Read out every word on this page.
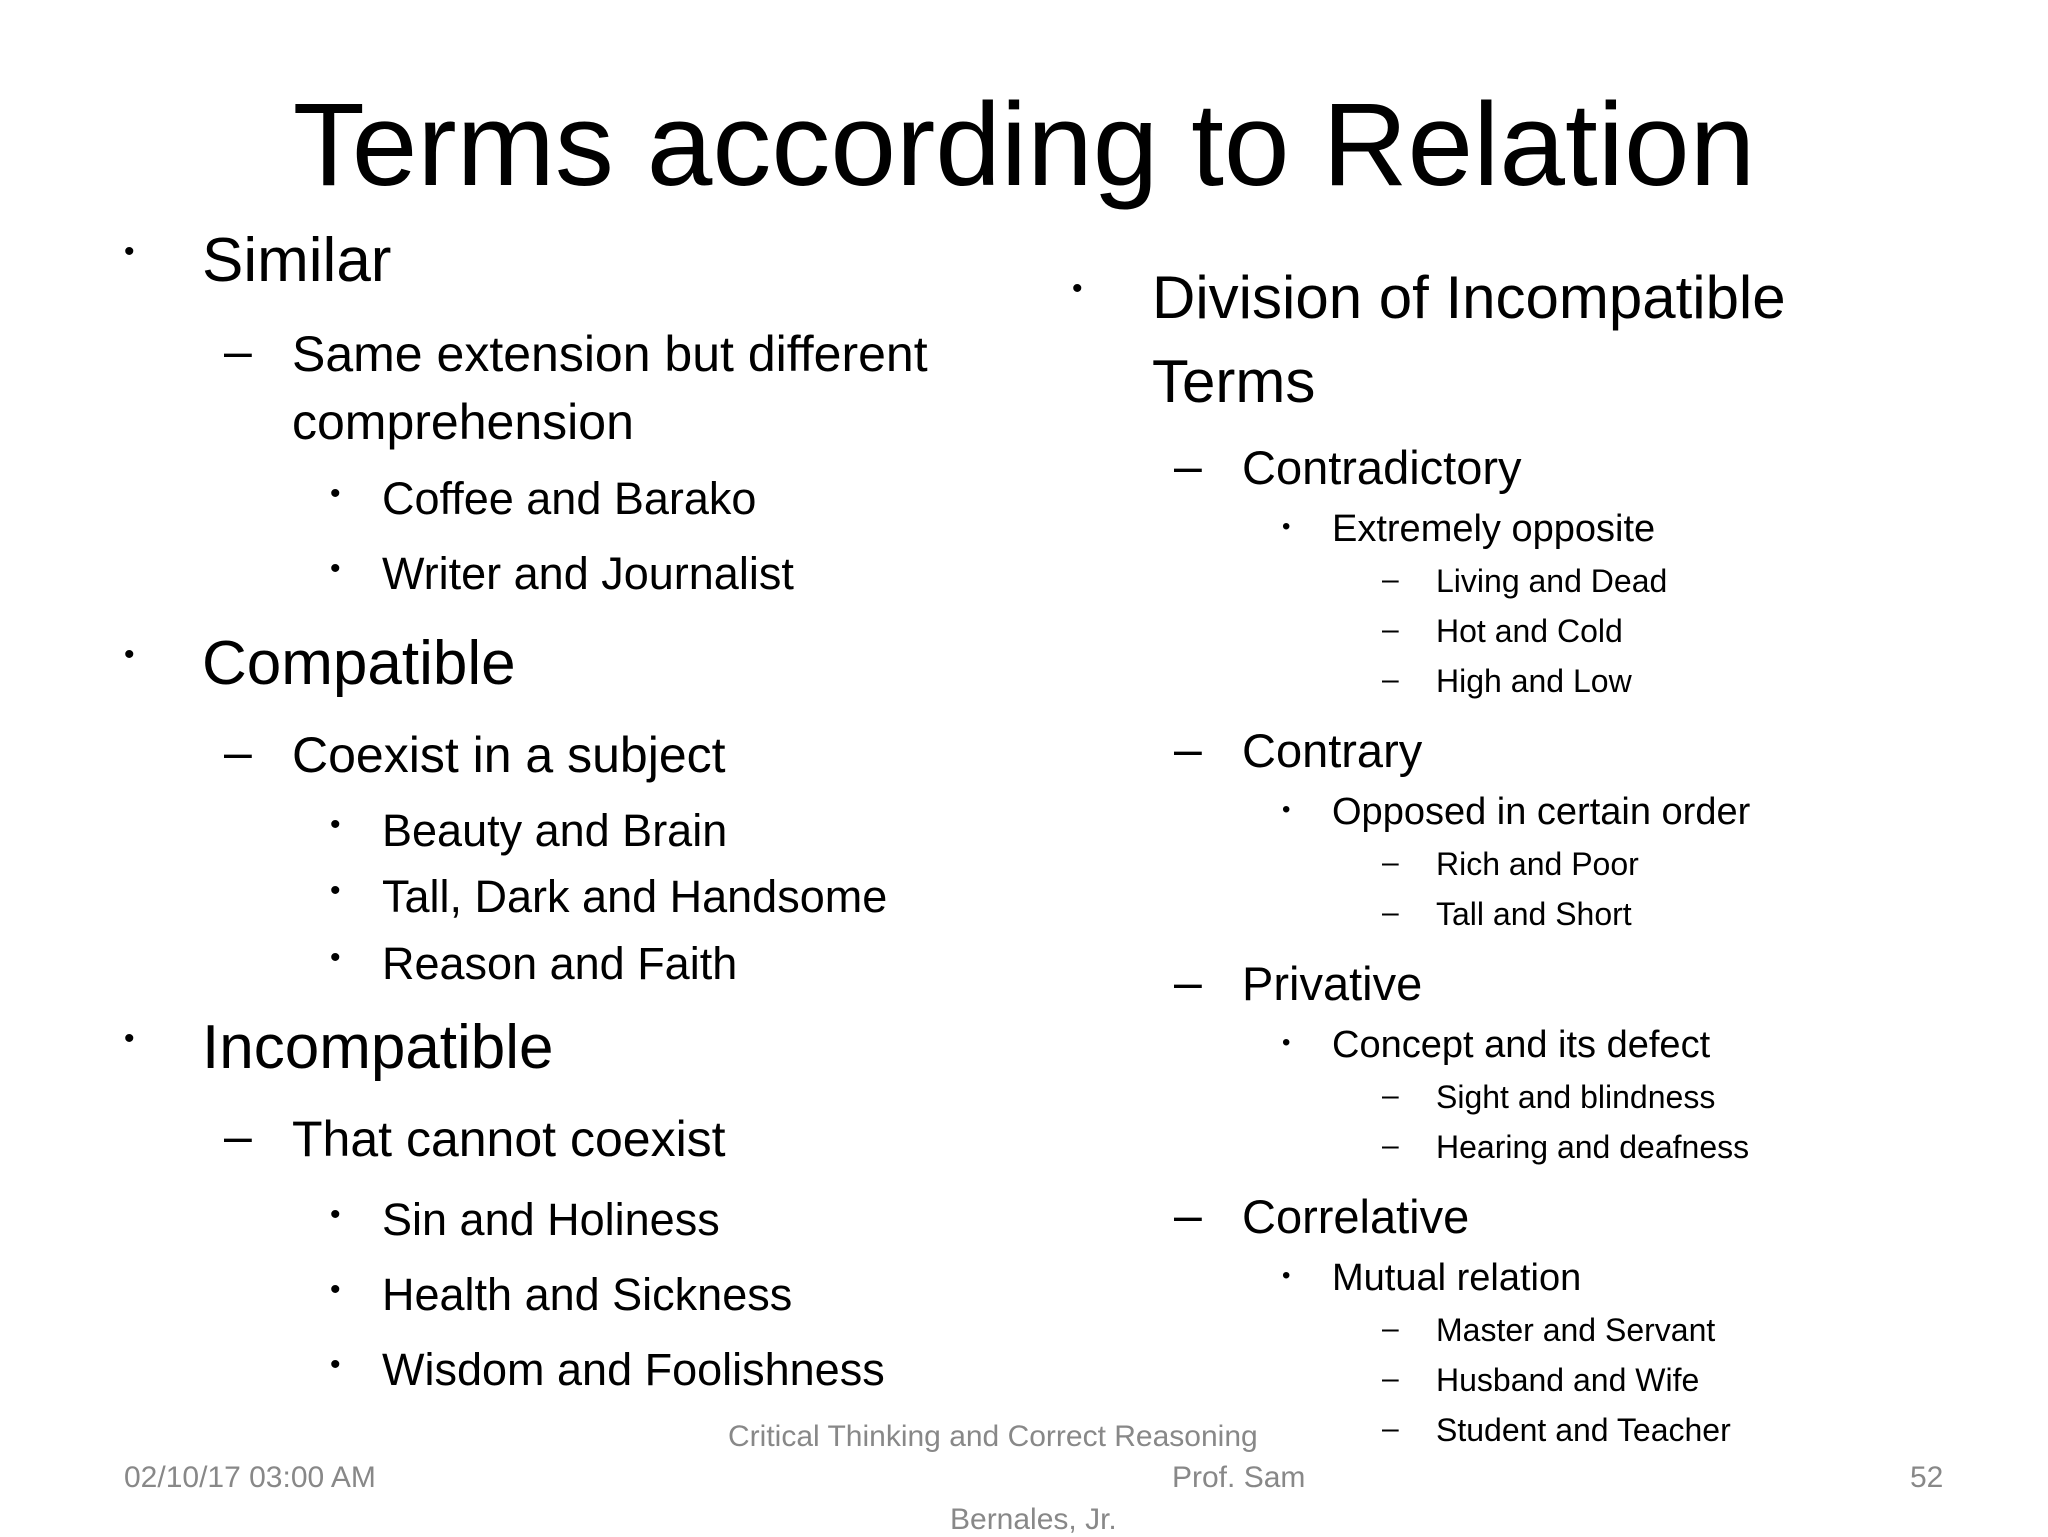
Terms according to Relation
• Similar
– Same extension but different
comprehension
• Coffee and Barako
• Writer and Journalist
• Compatible
– Coexist in a subject
• Beauty and Brain
• Tall, Dark and Handsome
• Reason and Faith
• Incompatible
– That cannot coexist
• Sin and Holiness
• Health and Sickness
• Wisdom and Foolishness
• Division of Incompatible
Terms
– Contradictory
• Extremely opposite
– Living and Dead
– Hot and Cold
– High and Low
– Contrary
• Opposed in certain order
– Rich and Poor
– Tall and Short
– Privative
• Concept and its defect
– Sight and blindness
– Hearing and deafness
– Correlative
• Mutual relation
– Master and Servant
– Husband and Wife
– Student and Teacher
02/10/17 03:00 AM
Critical Thinking and Correct Reasoning
Prof. Sam
Bernales, Jr.
52
